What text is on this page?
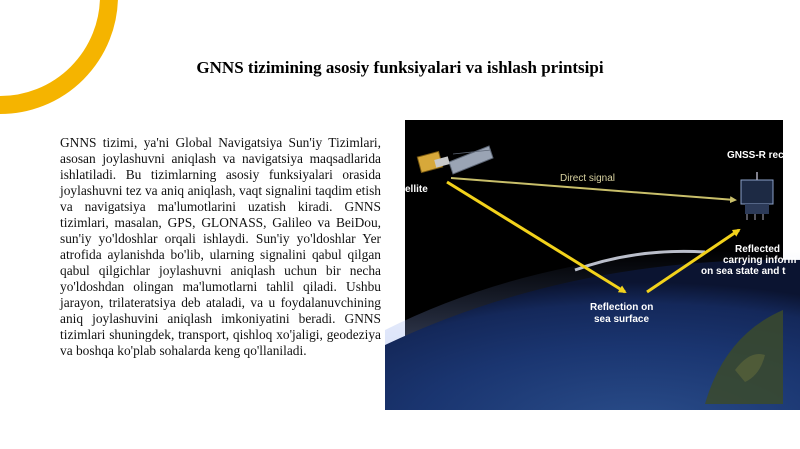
GNNS tizimining asosiy funksiyalari va ishlash printsipi
GNNS tizimi, ya'ni Global Navigatsiya Sun'iy Tizimlari, asosan joylashuvni aniqlash va navigatsiya maqsadlarida ishlatiladi. Bu tizimlarning asosiy funksiyalari orasida joylashuvni tez va aniq aniqlash, vaqt signalini taqdim etish va navigatsiya ma'lumotlarini uzatish kiradi. GNNS tizimlari, masalan, GPS, GLONASS, Galileo va BeiDou, sun'iy yo'ldoshlar orqali ishlaydi. Sun'iy yo'ldoshlar Yer atrofida aylanishda bo'lib, ularning signalini qabul qilgan qabul qilgichlar joylashuvni aniqlash uchun bir necha yo'ldoshdan olingan ma'lumotlarni tahlil qiladi. Ushbu jarayon, trilateratsiya deb ataladi, va u foydalanuvchining aniq joylashuvini aniqlash imkoniyatini beradi. GNNS tizimlari shuningdek, transport, qishloq xo'jaligi, geodeziya va boshqa ko'plab sohalarda keng qo'llaniladi.
ellite
GNSS-R rec
Direct signal
Reflection on
sea surface
Reflected
carrying inform
on sea state and t
